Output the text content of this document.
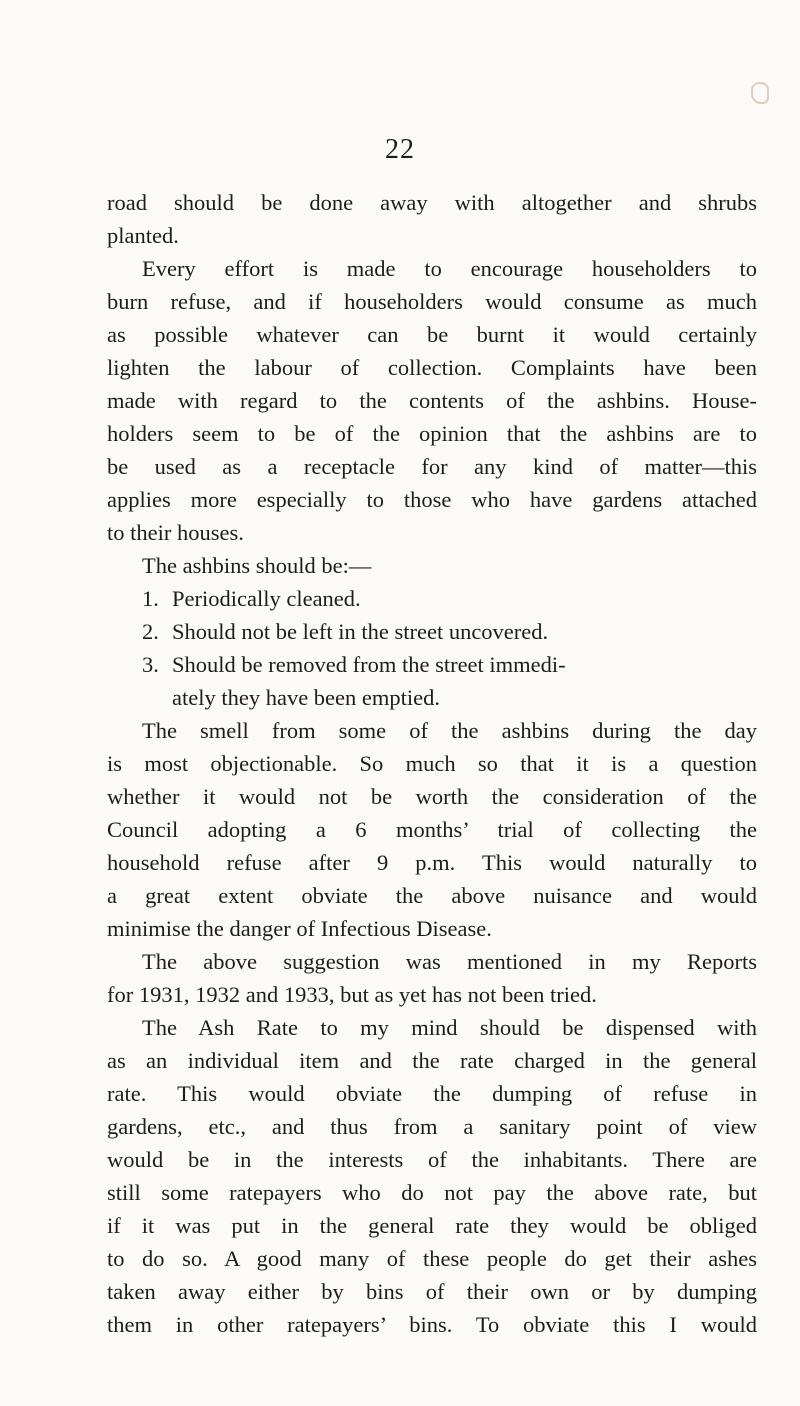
22
road should be done away with altogether and shrubs
planted.
Every effort is made to encourage householders to
burn refuse, and if householders would consume as much
as possible whatever can be burnt it would certainly
lighten the labour of collection. Complaints have been
made with regard to the contents of the ashbins. House-
holders seem to be of the opinion that the ashbins are to
be used as a receptacle for any kind of matter—this
applies more especially to those who have gardens attached
to their houses.
The ashbins should be:—
1. Periodically cleaned.
2. Should not be left in the street uncovered.
3. Should be removed from the street immedi-
ately they have been emptied.
The smell from some of the ashbins during the day
is most objectionable. So much so that it is a question
whether it would not be worth the consideration of the
Council adopting a 6 months’ trial of collecting the
household refuse after 9 p.m. This would naturally to
a great extent obviate the above nuisance and would
minimise the danger of Infectious Disease.
The above suggestion was mentioned in my Reports
for 1931, 1932 and 1933, but as yet has not been tried.
The Ash Rate to my mind should be dispensed with
as an individual item and the rate charged in the general
rate. This would obviate the dumping of refuse in
gardens, etc., and thus from a sanitary point of view
would be in the interests of the inhabitants. There are
still some ratepayers who do not pay the above rate, but
if it was put in the general rate they would be obliged
to do so. A good many of these people do get their ashes
taken away either by bins of their own or by dumping
them in other ratepayers’ bins. To obviate this I would
